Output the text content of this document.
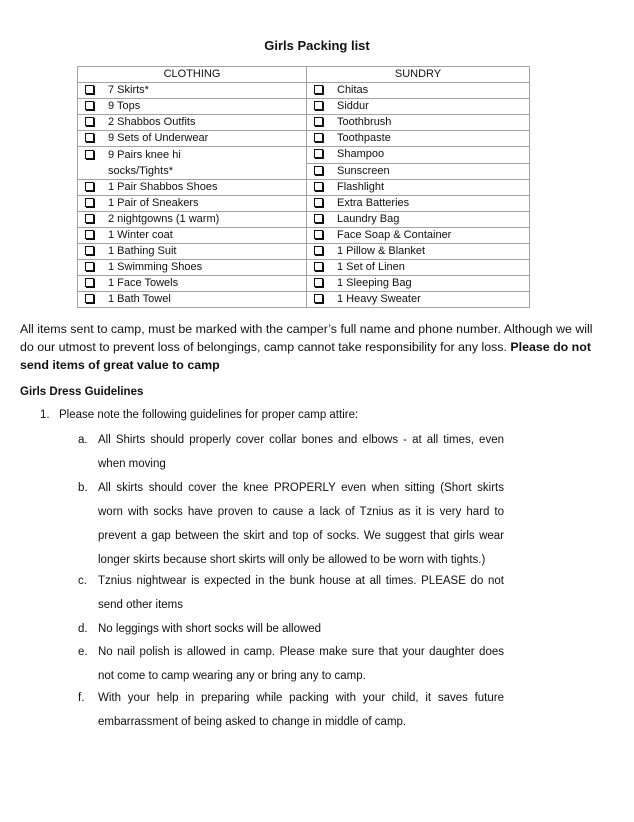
Girls Packing list
CLOTHING	SUNDRY
7 Skirts*	Chitas
9 Tops	Siddur
2 Shabbos Outfits	Toothbrush
9 Sets of Underwear	Toothpaste
9 Pairs knee hi socks/Tights*	Shampoo
	Sunscreen
1 Pair Shabbos Shoes	Flashlight
1 Pair of Sneakers	Extra Batteries
2 nightgowns (1 warm)	Laundry Bag
1 Winter coat	Face Soap & Container
1 Bathing Suit	1 Pillow & Blanket
1 Swimming Shoes	1 Set of Linen
1 Face Towels	1 Sleeping Bag
1 Bath Towel	1 Heavy Sweater
All items sent to camp, must be marked with the camper’s full name and phone number. Although we will do our utmost to prevent loss of belongings, camp cannot take responsibility for any loss. Please do not send items of great value to camp
Girls Dress Guidelines
1. Please note the following guidelines for proper camp attire:
a. All Shirts should properly cover collar bones and elbows - at all times, even when moving
b. All skirts should cover the knee PROPERLY even when sitting (Short skirts worn with socks have proven to cause a lack of Tznius as it is very hard to prevent a gap between the skirt and top of socks. We suggest that girls wear longer skirts because short skirts will only be allowed to be worn with tights.)
c. Tznius nightwear is expected in the bunk house at all times. PLEASE do not send other items
d. No leggings with short socks will be allowed
e. No nail polish is allowed in camp. Please make sure that your daughter does not come to camp wearing any or bring any to camp.
f. With your help in preparing while packing with your child, it saves future embarrassment of being asked to change in middle of camp.
